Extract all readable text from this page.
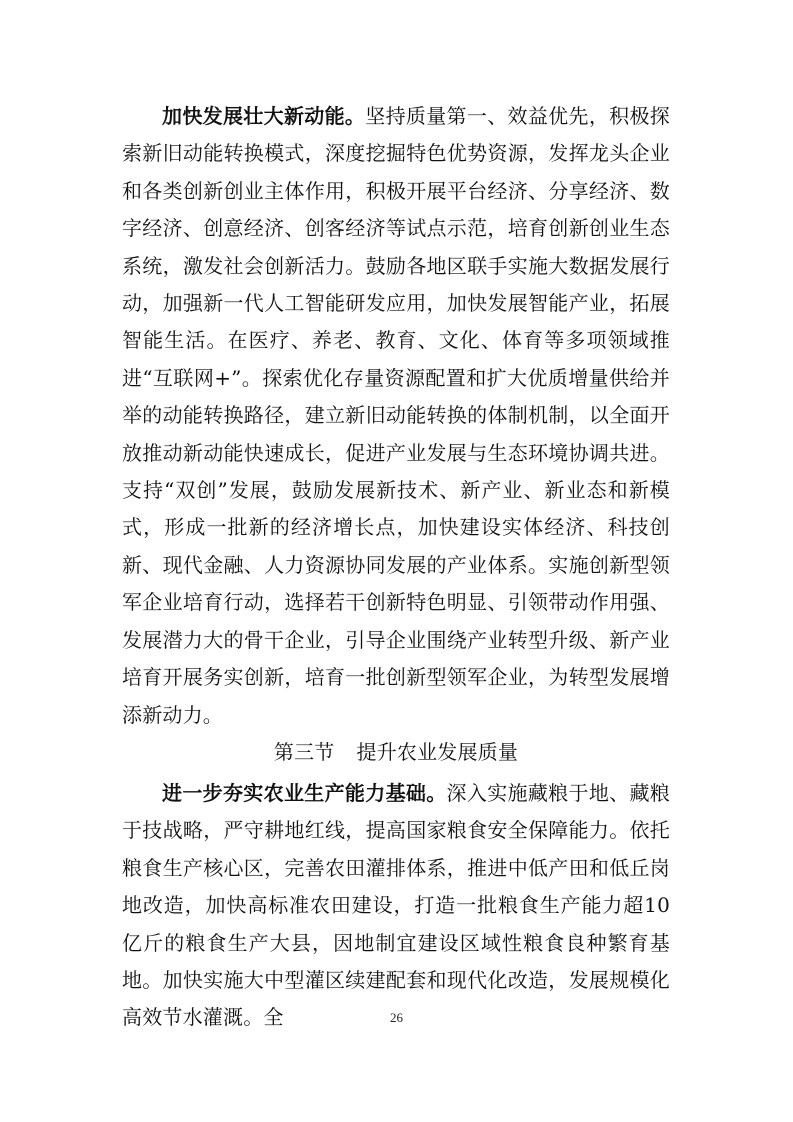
加快发展壮大新动能。坚持质量第一、效益优先，积极探索新旧动能转换模式，深度挖掘特色优势资源，发挥龙头企业和各类创新创业主体作用，积极开展平台经济、分享经济、数字经济、创意经济、创客经济等试点示范，培育创新创业生态系统，激发社会创新活力。鼓励各地区联手实施大数据发展行动，加强新一代人工智能研发应用，加快发展智能产业，拓展智能生活。在医疗、养老、教育、文化、体育等多项领域推进“互联网+”。探索优化存量资源配置和扩大优质增量供给并举的动能转换路径，建立新旧动能转换的体制机制，以全面开放推动新动能快速成长，促进产业发展与生态环境协调共进。支持“双创”发展，鼓励发展新技术、新产业、新业态和新模式，形成一批新的经济增长点，加快建设实体经济、科技创新、现代金融、人力资源协同发展的产业体系。实施创新型领军企业培育行动，选择若干创新特色明显、引领带动作用强、发展潜力大的骨干企业，引导企业围绕产业转型升级、新产业培育开展务实创新，培育一批创新型领军企业，为转型发展增添新动力。

第三节 提升农业发展质量

进一步夯实农业生产能力基础。深入实施藏粮于地、藏粮于技战略，严守耕地红线，提高国家粮食安全保障能力。依托粮食生产核心区，完善农田灌排体系，推进中低产田和低丘岗地改造，加快高标准农田建设，打造一批粮食生产能力超10亿斤的粮食生产大县，因地制宜建设区域性粮食良种繁育基地。加快实施大中型灌区续建配套和现代化改造，发展规模化高效节水灌溉。全	26
